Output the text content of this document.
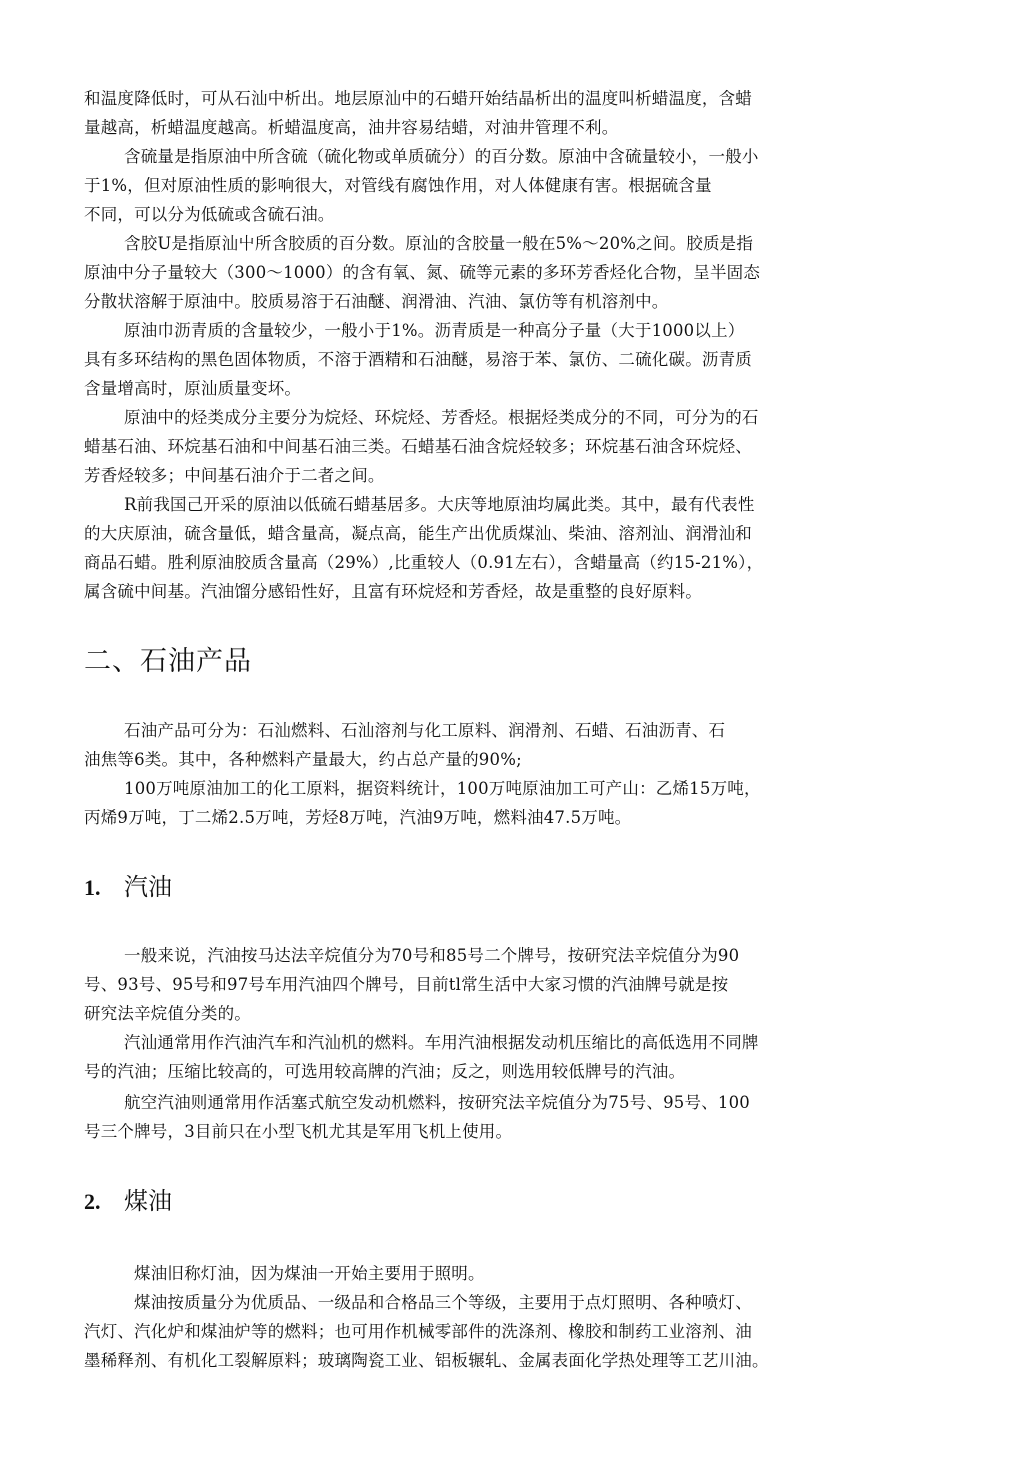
和温度降低时，可从石汕中析出。地层原汕中的石蜡幵始结晶析出的温度叫析蜡温度，含蜡
量越高，析蜡温度越高。析蜡温度高，油井容易结蜡，对油井管理不利。
含硫量是指原油中所含硫（硫化物或单质硫分）的百分数。原油中含硫量较小，一般小
于1%，但对原油性质的影响很大，对管线有腐蚀作用，对人体健康有害。根据硫含量
不同，可以分为低硫或含硫石油。
含胶U是指原汕屮所含胶质的百分数。原汕的含胶量一般在5%～20%之间。胶质是指
原油中分子量较大（300～1000）的含有氧、氮、硫等元素的多环芳香烃化合物，呈半固态
分散状溶解于原油中。胶质易溶于石油醚、润滑油、汽油、氯仿等有机溶剂中。
原油巾沥青质的含量较少，一般小于1%。沥青质是一种高分子量（大于1000以上）
具有多环结构的黑色固体物质，不溶于酒精和石油醚，易溶于苯、氯仿、二硫化碳。沥青质
含量增高时，原汕质量变坏。
原油中的烃类成分主要分为烷烃、环烷烃、芳香烃。根据烃类成分的不同，可分为的石
蜡基石油、环烷基石油和中间基石油三类。石蜡基石油含烷烃较多；环烷基石油含环烷烃、
芳香烃较多；中间基石油介于二者之间。
R前我国己开采的原油以低硫石蜡基居多。大庆等地原油均属此类。其中，最有代表性
的大庆原油，硫含量低，蜡含量高，凝点高，能生产出优质煤汕、柴油、溶剂汕、润滑汕和
商品石蜡。胜利原油胶质含量高（29%）,比重较人（0.91左右），含蜡量高（约15-21%），
属含硫中间基。汽油馏分感铅性好，且富有环烷烃和芳香烃，故是重整的良好原料。
二、石油产品
石油产品可分为：石汕燃料、石汕溶剂与化工原料、润滑剂、石蜡、石油沥青、石
油焦等6类。其中，各种燃料产量最大，约占总产量的90%;
100万吨原油加工的化工原料，据资料统计，100万吨原油加工可产山：乙烯15万吨，
丙烯9万吨，丁二烯2.5万吨，芳烃8万吨，汽油9万吨，燃料油47.5万吨。
1. 汽油
一般来说，汽油按马达法辛烷值分为70号和85号二个牌号，按研究法辛烷值分为90
号、93号、95号和97号车用汽油四个牌号，目前tl常生活中大家习惯的汽油牌号就是按
研究法辛烷值分类的。
汽汕通常用作汽油汽车和汽汕机的燃料。车用汽油根据发动机压缩比的高低选用不同牌
号的汽油；压缩比较高的，可选用较高牌的汽油；反之，则选用较低牌号的汽油。
航空汽油则通常用作活塞式航空发动机燃料，按研究法辛烷值分为75号、95号、100
号三个牌号，3目前只在小型飞机尤其是军用飞机上使用。
2. 煤油
煤油旧称灯油，因为煤油一开始主要用于照明。
煤油按质量分为优质品、一级品和合格品三个等级，主要用于点灯照明、各种喷灯、
汽灯、汽化炉和煤油炉等的燃料；也可用作机械零部件的洗涤剂、橡胶和制药工业溶剂、油
墨稀释剂、有机化工裂解原料；玻璃陶瓷工业、铝板辗轧、金属表面化学热处理等工艺川油。
